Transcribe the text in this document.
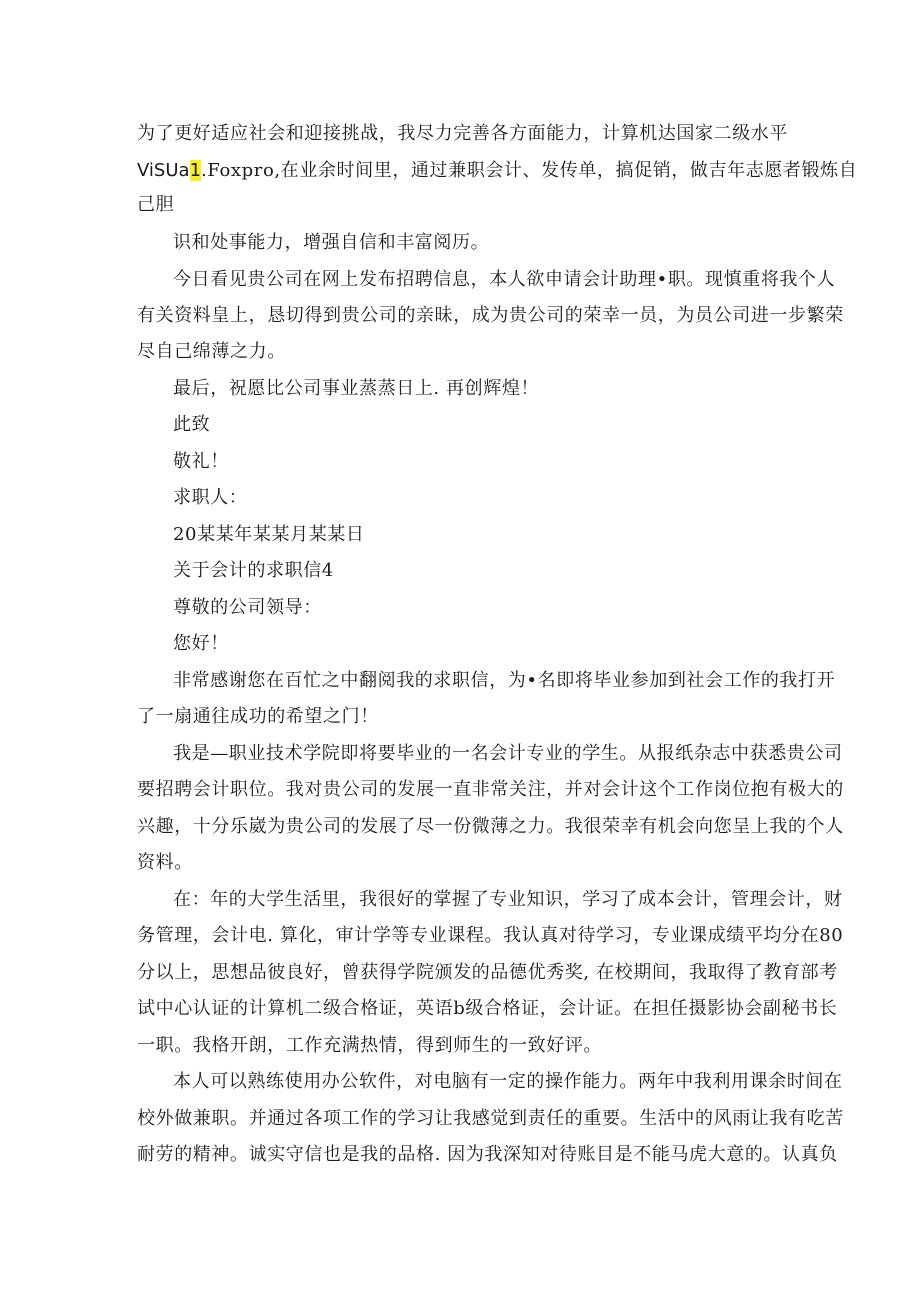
为了更好适应社会和迎接挑战，我尽力完善各方面能力，计算机达国家二级水平
ViSUa1.Foxpro,在业余时间里，通过兼职会计、发传单，搞促销，做吉年志愿者锻炼自
己胆
识和处事能力，增强自信和丰富阅历。
今日看见贵公司在网上发布招聘信息，本人欲申请会计助理•职。现慎重将我个人
有关资料皇上，恳切得到贵公司的亲昧，成为贵公司的荣幸一员，为员公司进一步繁荣
尽自己绵薄之力。
最后，祝愿比公司事业蒸蒸日上. 再创辉煌！
此致
敬礼！
求职人：
20某某年某某月某某日
关于会计的求职信4
尊敬的公司领导：
您好！
非常感谢您在百忙之中翻阅我的求职信，为•名即将毕业参加到社会工作的我打开
了一扇通往成功的希望之门！
我是—职业技术学院即将要毕业的一名会计专业的学生。从报纸杂志中获悉贵公司
要招聘会计职位。我对贵公司的发展一直非常关注，并对会计这个工作岗位抱有极大的
兴趣，十分乐崴为贵公司的发展了尽一份微薄之力。我很荣幸有机会向您呈上我的个人
资料。
在：年的大学生活里，我很好的掌握了专业知识，学习了成本会计，管理会计，财
务管理，会计电. 算化，审计学等专业课程。我认真对待学习，专业课成绩平均分在80
分以上，思想品彼良好，曾获得学院颁发的品德优秀奖, 在校期间，我取得了教育部考
试中心认证的计算机二级合格证，英语b级合格证，会计证。在担任摄影协会副秘书长
一职。我格开朗，工作充满热情，得到师生的一致好评。
本人可以熟练使用办公软件，对电脑有一定的操作能力。两年中我利用课余时间在
校外做兼职。并通过各项工作的学习让我感觉到责任的重要。生活中的风雨让我有吃苦
耐劳的精神。诚实守信也是我的品格. 因为我深知对待账目是不能马虎大意的。认真负
